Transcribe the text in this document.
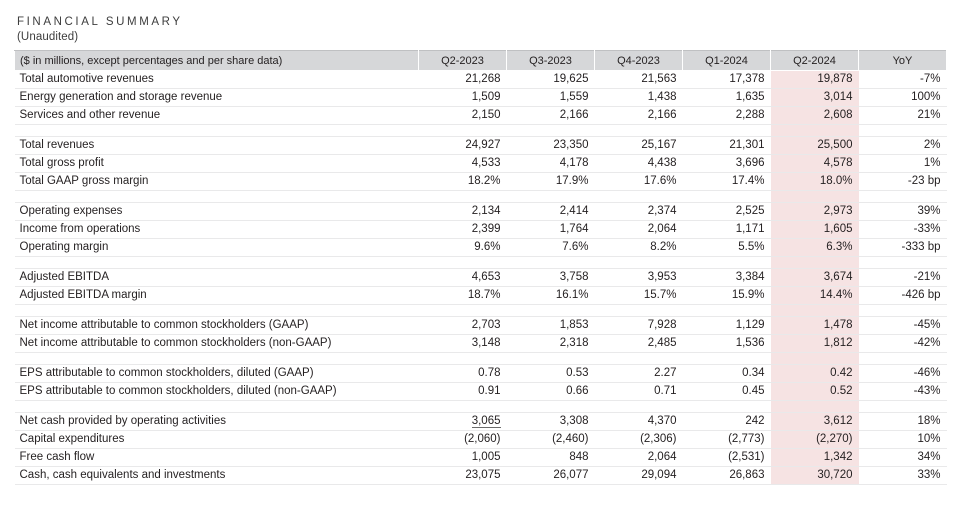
FINANCIAL SUMMARY
(Unaudited)
($ in millions, except percentages and per share data)	Q2-2023	Q3-2023	Q4-2023	Q1-2024	Q2-2024	YoY
Total automotive revenues	21,268	19,625	21,563	17,378	19,878	-7%
Energy generation and storage revenue	1,509	1,559	1,438	1,635	3,014	100%
Services and other revenue	2,150	2,166	2,166	2,288	2,608	21%

Total revenues	24,927	23,350	25,167	21,301	25,500	2%
Total gross profit	4,533	4,178	4,438	3,696	4,578	1%
Total GAAP gross margin	18.2%	17.9%	17.6%	17.4%	18.0%	-23 bp

Operating expenses	2,134	2,414	2,374	2,525	2,973	39%
Income from operations	2,399	1,764	2,064	1,171	1,605	-33%
Operating margin	9.6%	7.6%	8.2%	5.5%	6.3%	-333 bp

Adjusted EBITDA	4,653	3,758	3,953	3,384	3,674	-21%
Adjusted EBITDA margin	18.7%	16.1%	15.7%	15.9%	14.4%	-426 bp

Net income attributable to common stockholders (GAAP)	2,703	1,853	7,928	1,129	1,478	-45%
Net income attributable to common stockholders (non-GAAP)	3,148	2,318	2,485	1,536	1,812	-42%

EPS attributable to common stockholders, diluted (GAAP)	0.78	0.53	2.27	0.34	0.42	-46%
EPS attributable to common stockholders, diluted (non-GAAP)	0.91	0.66	0.71	0.45	0.52	-43%

Net cash provided by operating activities	3,065	3,308	4,370	242	3,612	18%
Capital expenditures	(2,060)	(2,460)	(2,306)	(2,773)	(2,270)	10%
Free cash flow	1,005	848	2,064	(2,531)	1,342	34%
Cash, cash equivalents and investments	23,075	26,077	29,094	26,863	30,720	33%
